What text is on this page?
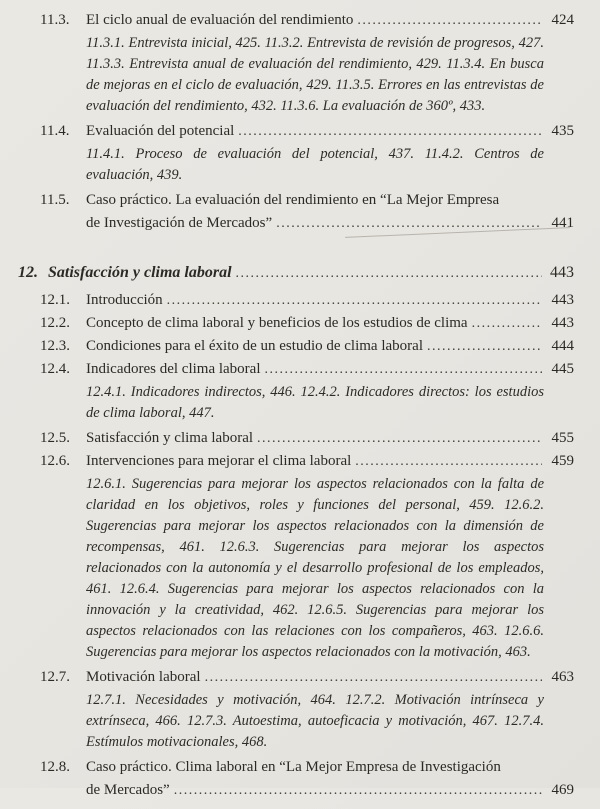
11.3.	El ciclo anual de evaluación del rendimiento .....	424

11.3.1. Entrevista inicial, 425. 11.3.2. Entrevista de revisión de progresos, 427. 11.3.3. Entrevista anual de evaluación del rendimiento, 429. 11.3.4. En busca de mejoras en el ciclo de evaluación, 429. 11.3.5. Errores en las entrevistas de evaluación del rendimiento, 432. 11.3.6. La evaluación de 360º, 433.

11.4.	Evaluación del potencial .....	435

11.4.1. Proceso de evaluación del potencial, 437. 11.4.2. Centros de evaluación, 439.

11.5.	Caso práctico. La evaluación del rendimiento en “La Mejor Empresa
de Investigación de Mercados” .....	441
12. Satisfacción y clima laboral .....	443
12.1.	Introducción .....	443
12.2.	Concepto de clima laboral y beneficios de los estudios de clima .....	443
12.3.	Condiciones para el éxito de un estudio de clima laboral .....	444
12.4.	Indicadores del clima laboral .....	445

12.4.1. Indicadores indirectos, 446. 12.4.2. Indicadores directos: los estudios de clima laboral, 447.

12.5.	Satisfacción y clima laboral .....	455
12.6.	Intervenciones para mejorar el clima laboral .....	459

12.6.1. Sugerencias para mejorar los aspectos relacionados con la falta de claridad en los objetivos, roles y funciones del personal, 459. 12.6.2. Sugerencias para mejorar los aspectos relacionados con la dimensión de recompensas, 461. 12.6.3. Sugerencias para mejorar los aspectos relacionados con la autonomía y el desarrollo profesional de los empleados, 461. 12.6.4. Sugerencias para mejorar los aspectos relacionados con la innovación y la creatividad, 462. 12.6.5. Sugerencias para mejorar los aspectos relacionados con las relaciones con los compañeros, 463. 12.6.6. Sugerencias para mejorar los aspectos relacionados con la motivación, 463.

12.7.	Motivación laboral .....	463

12.7.1. Necesidades y motivación, 464. 12.7.2. Motivación intrínseca y extrínseca, 466. 12.7.3. Autoestima, autoeficacia y motivación, 467. 12.7.4. Estímulos motivacionales, 468.

12.8.	Caso práctico. Clima laboral en “La Mejor Empresa de Investigación
de Mercados” .....	469
